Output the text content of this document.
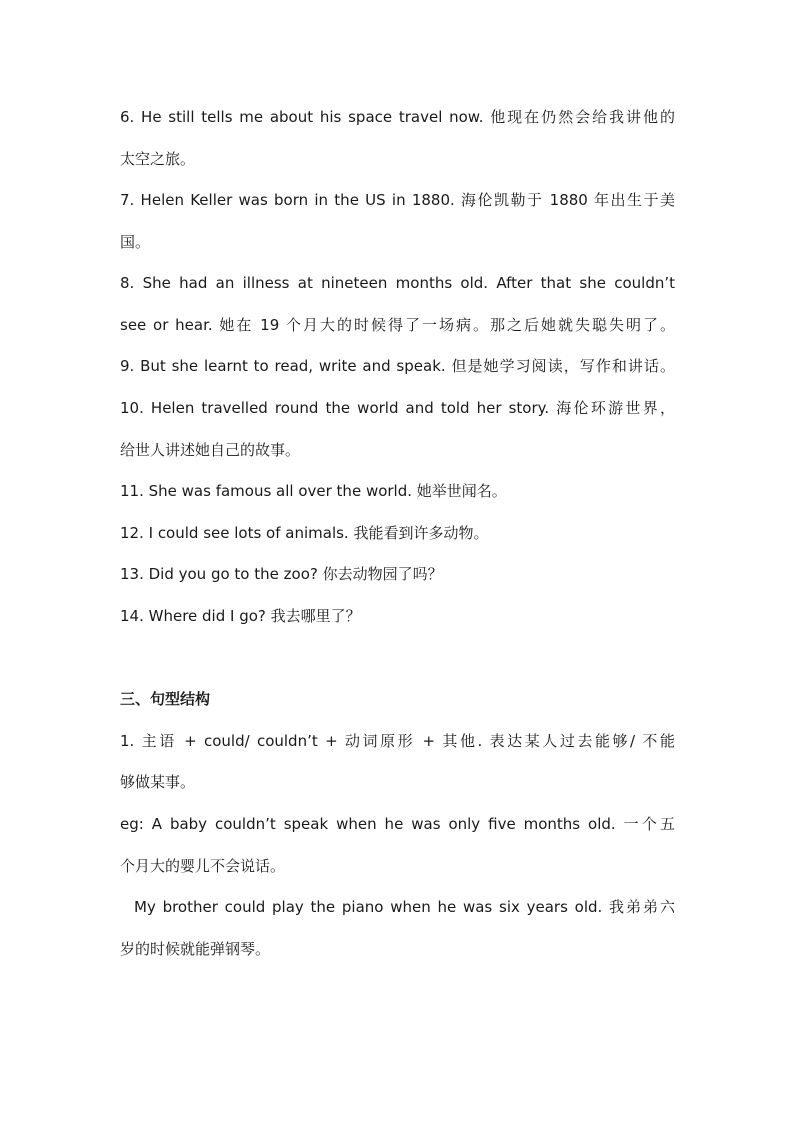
6. He still tells me about his space travel now. 他现在仍然会给我讲他的
太空之旅。
7. Helen Keller was born in the US in 1880. 海伦凯勒于 1880 年出生于美
国。
8. She had an illness at nineteen months old. After that she couldn’t
see or hear. 她在 19 个月大的时候得了一场病。那之后她就失聪失明了。
9. But she learnt to read, write and speak. 但是她学习阅读，写作和讲话。
10. Helen travelled round the world and told her story. 海伦环游世界，
给世人讲述她自己的故事。
11. She was famous all over the world. 她举世闻名。
12. I could see lots of animals. 我能看到许多动物。
13. Did you go to the zoo? 你去动物园了吗？
14. Where did I go? 我去哪里了？
三、句型结构
1. 主语 + could/ couldn’t + 动词原形 + 其他. 表达某人过去能够/ 不能
够做某事。
eg: A baby couldn’t speak when he was only five months old. 一个五
个月大的婴儿不会说话。
My brother could play the piano when he was six years old. 我弟弟六
岁的时候就能弹钢琴。
